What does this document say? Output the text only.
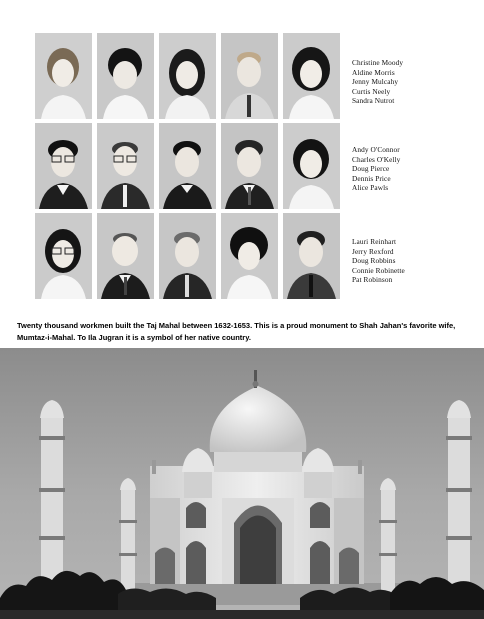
Christine Moody
Aldine Morris
Jenny Mulcahy
Curtis Neely
Sandra Nutrot
Andy O'Connor
Charles O'Kelly
Doug Pierce
Dennis Price
Alice Pawls
Lauri Reinhart
Jerry Rexford
Doug Robbins
Connie Robinette
Pat Robinson
Twenty thousand workmen built the Taj Mahal between 1632-1653. This is a proud monument to Shah Jahan's favorite wife, Mumtaz-i-Mahal. To Ila Jugran it is a symbol of her native country.
